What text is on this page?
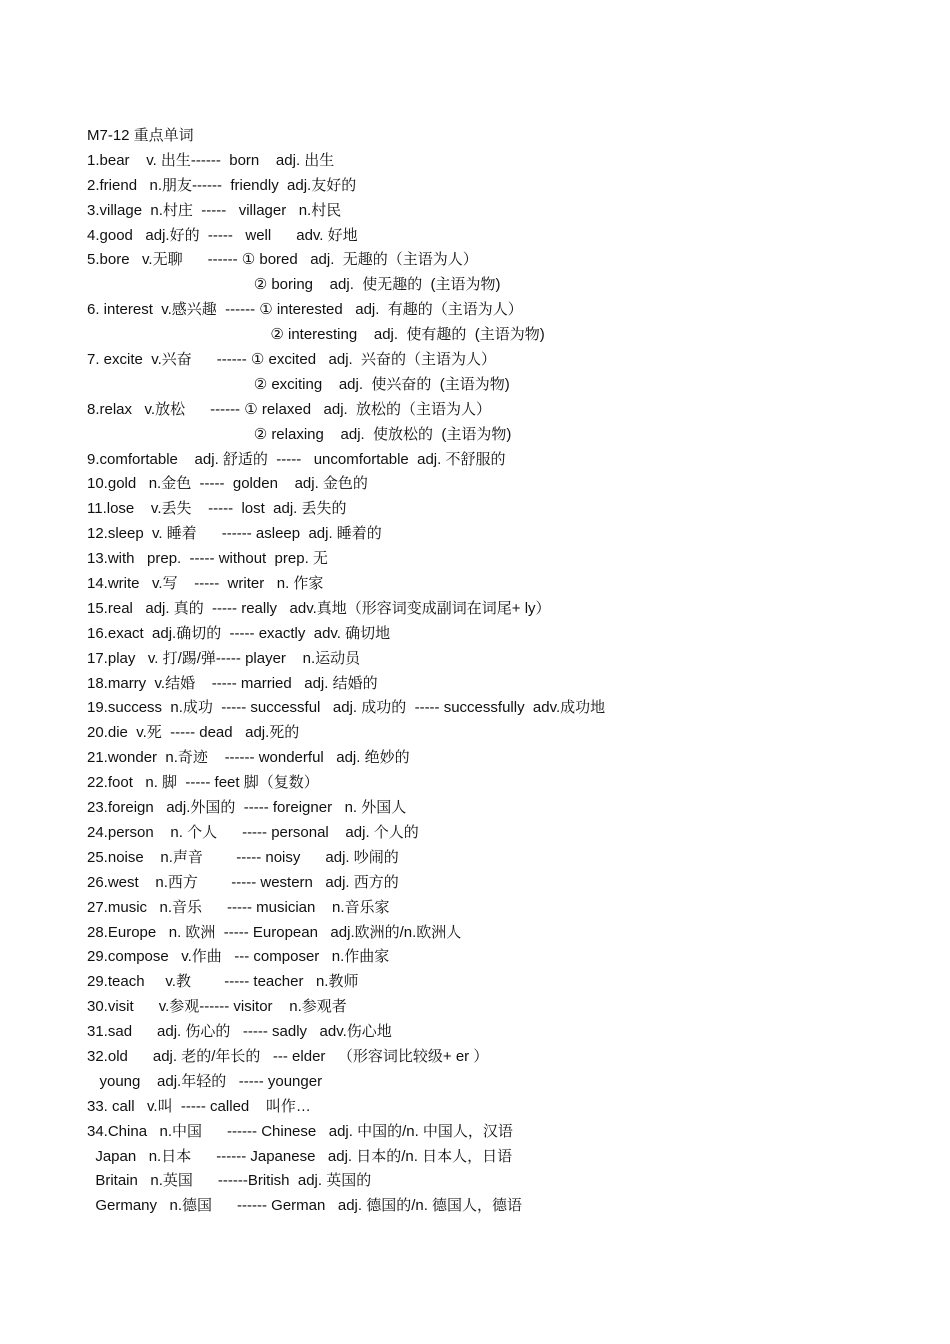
M7-12 重点单词
1.bear    v. 出生------  born    adj. 出生
2.friend   n.朋友------  friendly  adj.友好的
3.village  n.村庄  -----   villager   n.村民
4.good   adj.好的  -----   well      adv. 好地
5.bore   v.无聊      ------ ① bored   adj.  无趣的（主语为人）
② boring    adj.  使无趣的  (主语为物)
6. interest  v.感兴趣  ------ ① interested   adj.  有趣的（主语为人）
② interesting    adj.  使有趣的  (主语为物)
7. excite  v.兴奋      ------ ① excited   adj.  兴奋的（主语为人）
② exciting    adj.  使兴奋的  (主语为物)
8.relax   v.放松      ------ ① relaxed   adj.  放松的（主语为人）
② relaxing    adj.  使放松的  (主语为物)
9.comfortable    adj. 舒适的  -----   uncomfortable  adj. 不舒服的
10.gold   n.金色  -----  golden    adj. 金色的
11.lose    v.丢失    -----  lost  adj. 丢失的
12.sleep  v. 睡着      ------ asleep  adj. 睡着的
13.with   prep.  ----- without  prep. 无
14.write   v.写    -----  writer   n. 作家
15.real   adj. 真的  ----- really   adv.真地（形容词变成副词在词尾+ ly）
16.exact  adj.确切的  ----- exactly  adv. 确切地
17.play   v. 打/踢/弹----- player    n.运动员
18.marry  v.结婚    ----- married   adj. 结婚的
19.success  n.成功  ----- successful   adj. 成功的  ----- successfully  adv.成功地
20.die  v.死  ----- dead   adj.死的
21.wonder  n.奇迹    ------ wonderful   adj. 绝妙的
22.foot   n. 脚  ----- feet 脚（复数）
23.foreign   adj.外国的  ----- foreigner   n. 外国人
24.person    n. 个人      ----- personal    adj. 个人的
25.noise    n.声音        ----- noisy      adj. 吵闹的
26.west    n.西方        ----- western   adj. 西方的
27.music   n.音乐      ----- musician    n.音乐家
28.Europe   n. 欧洲  ----- European   adj.欧洲的/n.欧洲人
29.compose   v.作曲   --- composer   n.作曲家
29.teach     v.教        ----- teacher   n.教师
30.visit      v.参观------ visitor    n.参观者
31.sad      adj. 伤心的   ----- sadly   adv.伤心地
32.old      adj. 老的/年长的   --- elder   （形容词比较级+ er ）
young    adj.年轻的   ----- younger
33. call   v.叫  ----- called    叫作…
34.China   n.中国      ------ Chinese   adj. 中国的/n. 中国人，汉语
Japan   n.日本      ------ Japanese   adj. 日本的/n. 日本人，日语
Britain   n.英国      ------British  adj. 英国的
Germany   n.德国      ------ German   adj. 德国的/n. 德国人，德语
